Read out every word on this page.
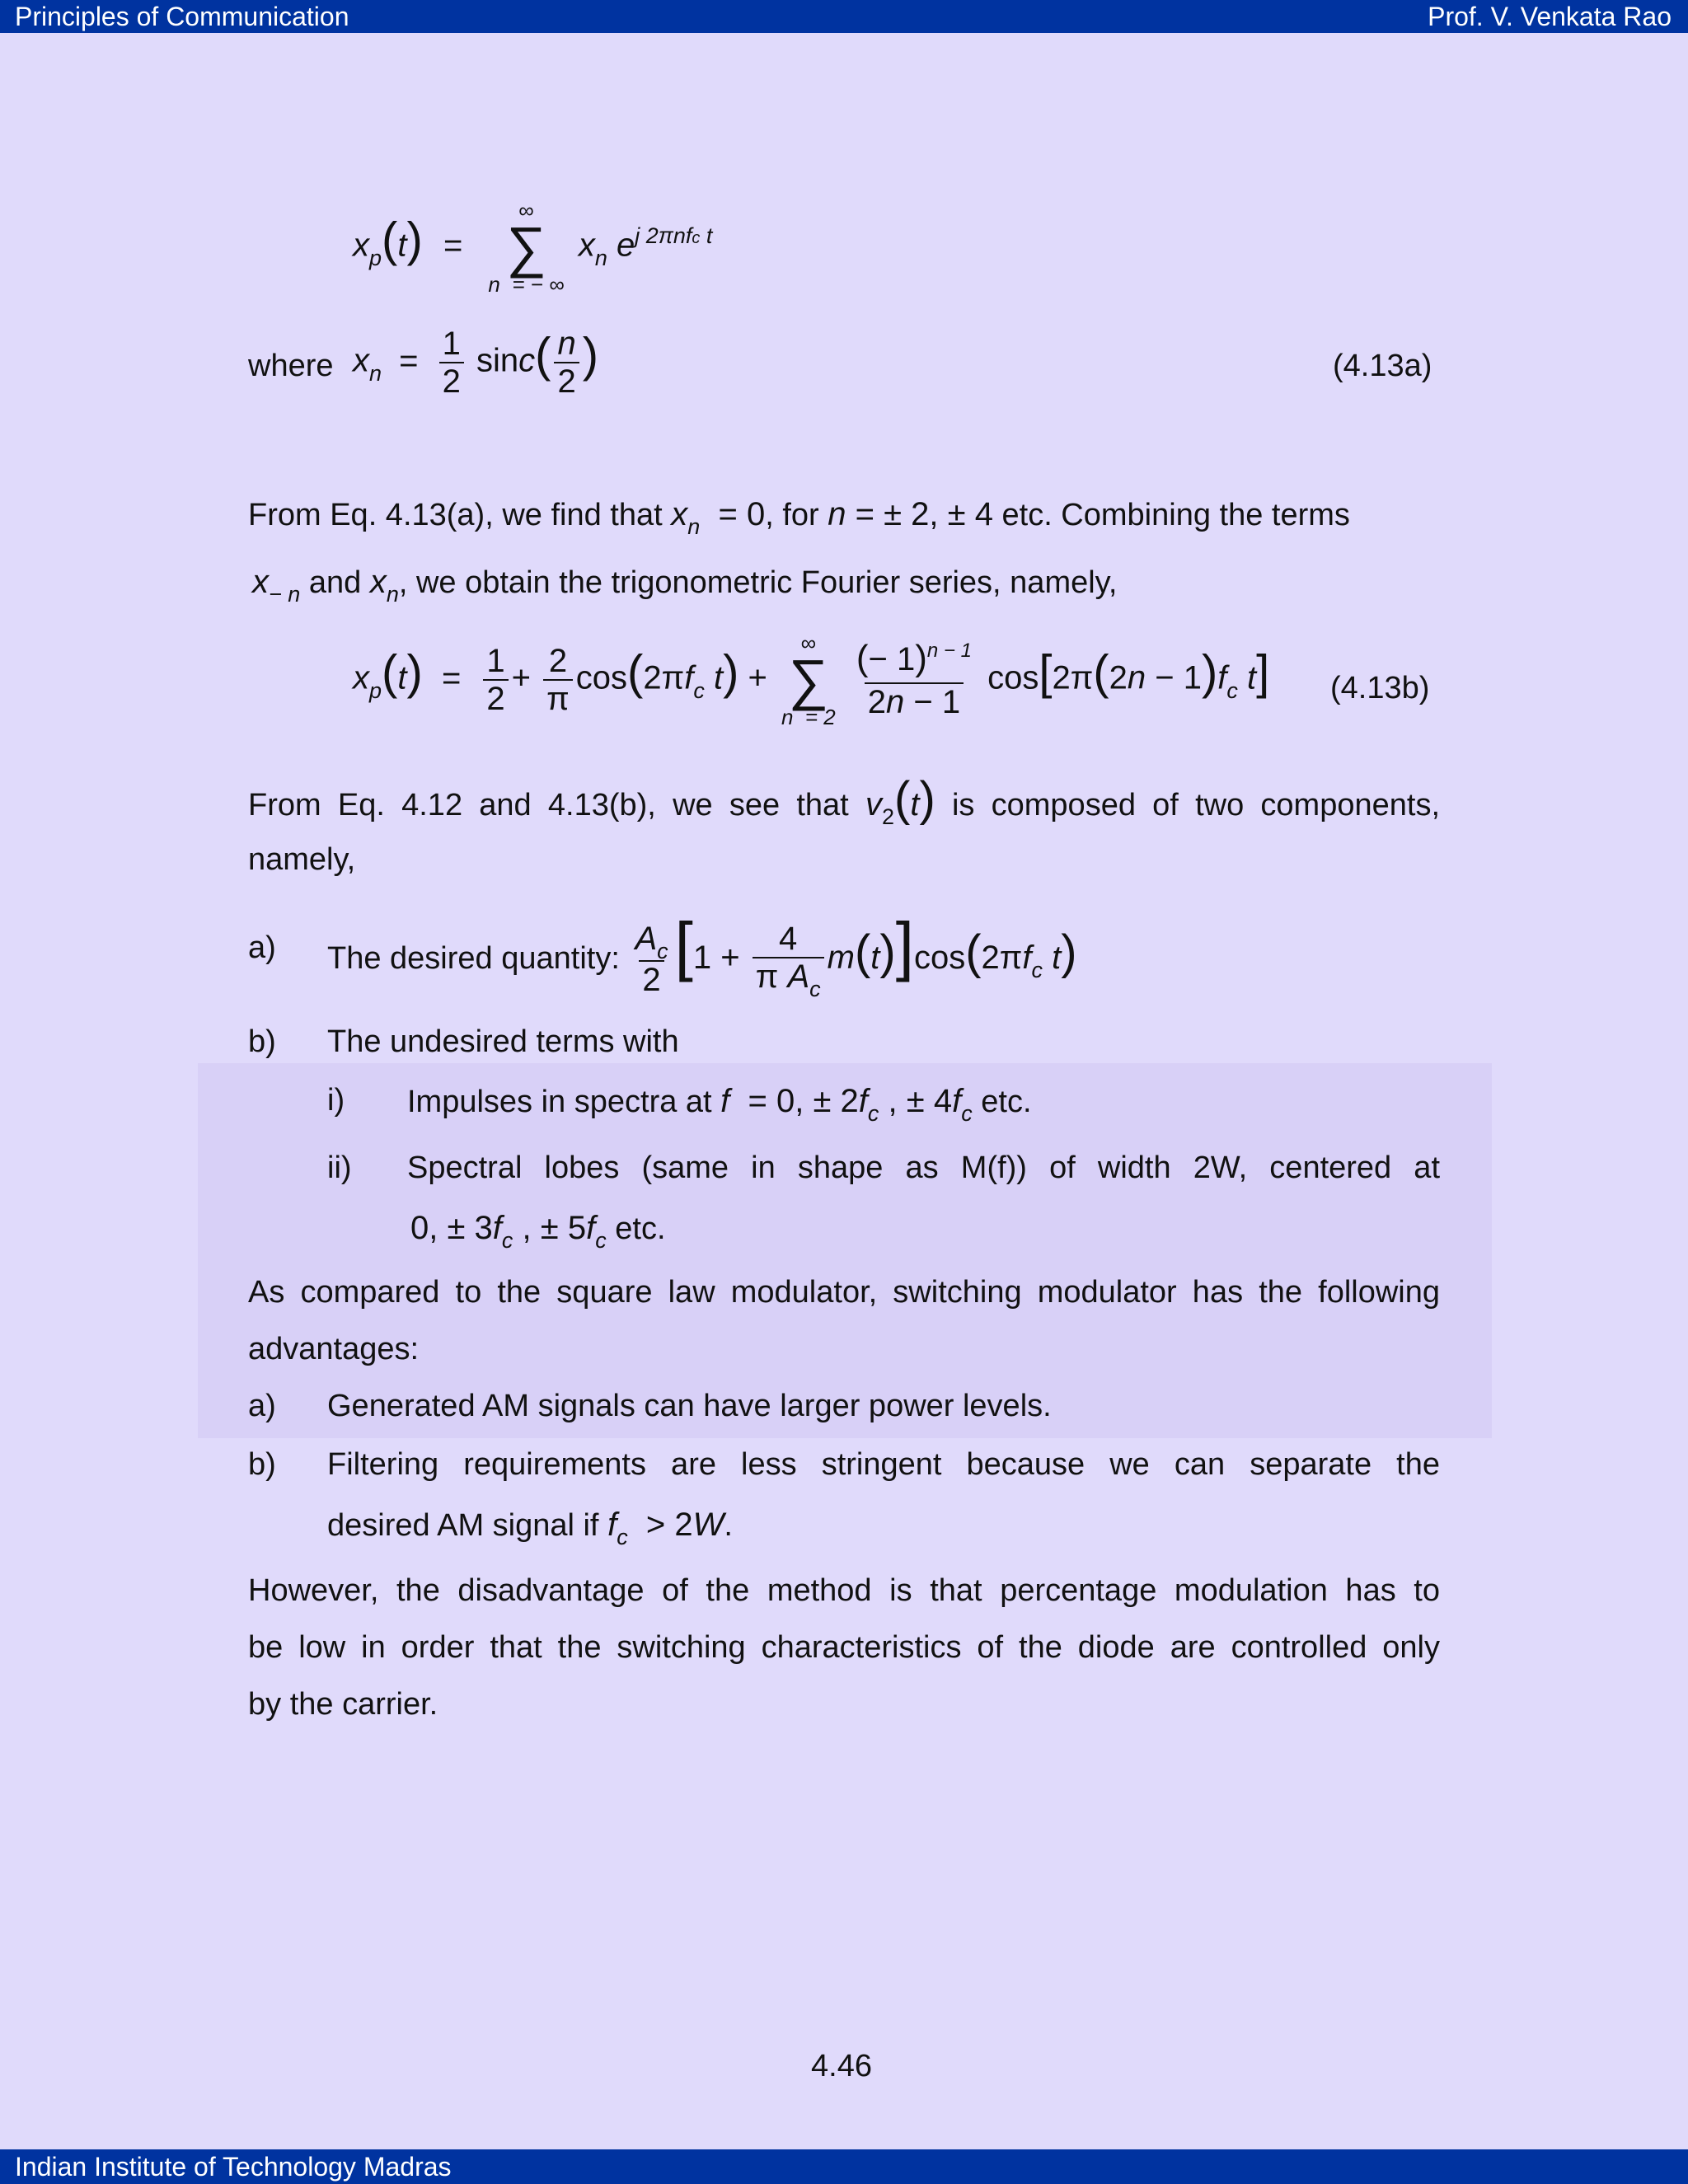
Principles of Communication	Prof. V. Venkata Rao
$x_p(t)$ =
∞
∑
n  = − ∞
$x_n$ $e^{j 2\pi nfc t}$
where $x_n = \frac{1}{2} \sin c( \frac{n}{2}$ )	(4.13a)
From Eq. 4.13(a), we find that $x_n = 0$, for n = ± 2, ± 4 etc. Combining the terms
$x_{- n}$ and $x_n$, we obtain the trigonometric Fourier series, namely,
$x_p(t) = \frac{1}{2} + \frac{2}{\pi} \cos(2\pi f_c$ t) +
∞
∑
n  = 2
$\frac{(- 1)^{n - 1}}{2n - 1} \cos[2\pi(2n - 1)f_c$ t] (4.13b)
From Eq. 4.12 and 4.13(b), we see that $v_2(t)$ is composed of two components,
namely,
a) The desired quantity: $\frac{A_c}{2} [1 + \frac{4}{\pi A_c} m(t)]\cos(2\pi f_c$ t)
b) The undesired terms with
i) Impulses in spectra at f  = 0, ± $2f_c$ , ± $4f_c$ etc.
ii) Spectral lobes (same in shape as M(f)) of width 2W, centered at
0, ± $3f_c$ , ± $5f_c$ etc.
As compared to the square law modulator, switching modulator has the following
advantages:
a) Generated AM signals can have larger power levels.
b) Filtering requirements are less stringent because we can separate the
desired AM signal if $f_c > 2W$.
However, the disadvantage of the method is that percentage modulation has to
be low in order that the switching characteristics of the diode are controlled only
by the carrier.
4.46
Indian Institute of Technology Madras
